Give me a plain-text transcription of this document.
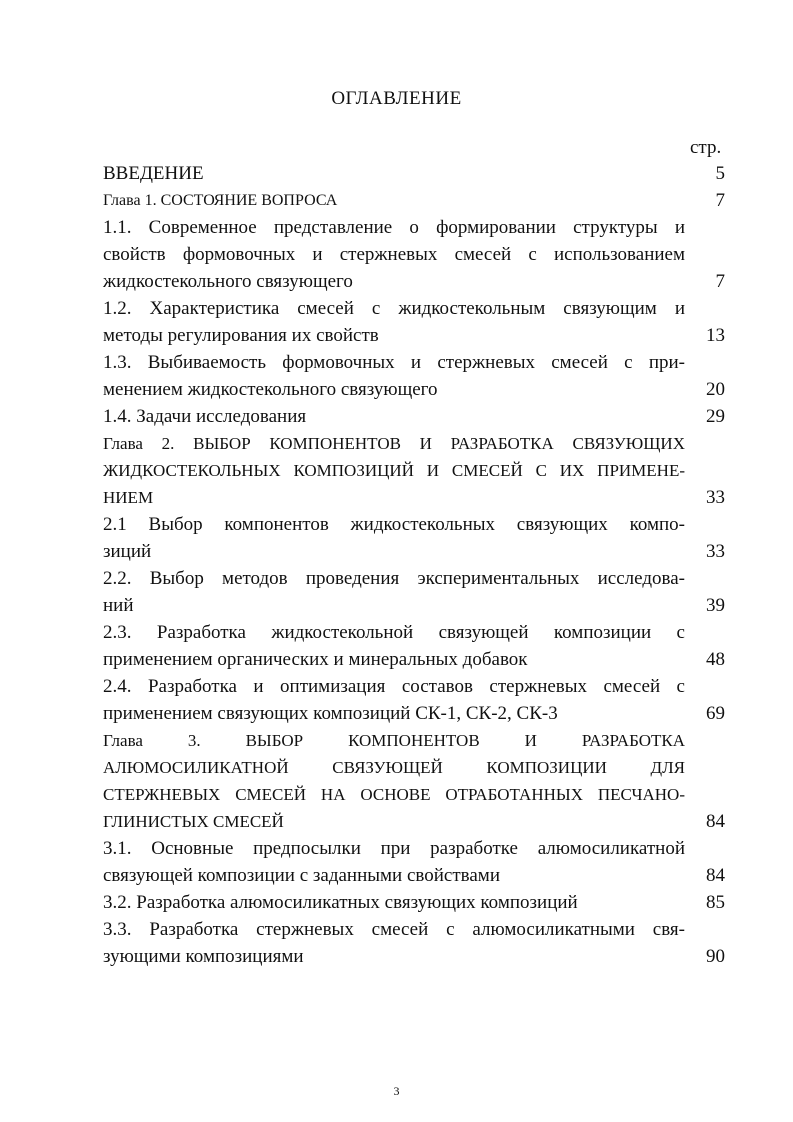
ОГЛАВЛЕНИЕ
стр.
ВВЕДЕНИЕ	5
Глава 1. СОСТОЯНИЕ ВОПРОСА	7
1.1. Современное представление о формировании структуры и
свойств формовочных и стержневых смесей с использованием
жидкостекольного связующего	7
1.2. Характеристика смесей с жидкостекольным связующим и
методы регулирования их свойств	13
1.3. Выбиваемость формовочных и стержневых смесей с при-
менением жидкостекольного связующего	20
1.4. Задачи исследования	29
Глава 2. ВЫБОР КОМПОНЕНТОВ И РАЗРАБОТКА СВЯЗУЮЩИХ
ЖИДКОСТЕКОЛЬНЫХ КОМПОЗИЦИЙ И СМЕСЕЙ С ИХ ПРИМЕНЕ-
НИЕМ	33
2.1 Выбор компонентов жидкостекольных связующих компо-
зиций	33
2.2. Выбор методов проведения экспериментальных исследова-
ний	39
2.3. Разработка жидкостекольной связующей композиции с
применением органических и минеральных добавок	48
2.4. Разработка и оптимизация составов стержневых смесей с
применением связующих композиций СК-1, СК-2, СК-3	69
Глава 3. ВЫБОР КОМПОНЕНТОВ И РАЗРАБОТКА
АЛЮМОСИЛИКАТНОЙ СВЯЗУЮЩЕЙ КОМПОЗИЦИИ ДЛЯ
СТЕРЖНЕВЫХ СМЕСЕЙ НА ОСНОВЕ ОТРАБОТАННЫХ ПЕСЧАНО-
ГЛИНИСТЫХ СМЕСЕЙ	84
3.1. Основные предпосылки при разработке алюмосиликатной
связующей композиции с заданными свойствами	84
3.2. Разработка алюмосиликатных связующих композиций	85
3.3. Разработка стержневых смесей с алюмосиликатными свя-
зующими композициями	90
3
